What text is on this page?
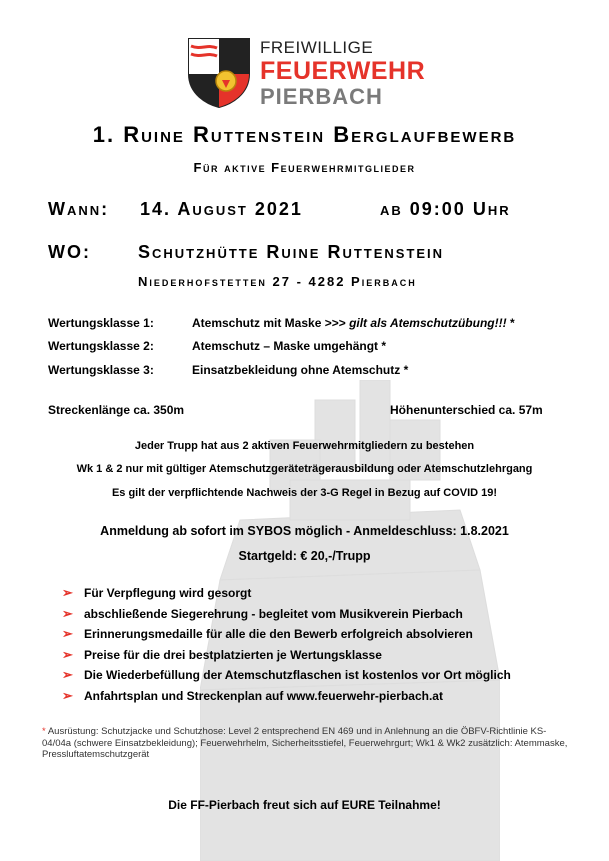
FREIWILLIGE
FEUERWEHR
PIERBACH
1. Ruine Ruttenstein Berglaufbewerb
Für aktive Feuerwehrmitglieder
Wann: 14. August 2021	ab 09:00 Uhr
WO:	Schutzhütte Ruine Ruttenstein
Niederhofstetten 27 - 4282 Pierbach
Wertungsklasse 1:	Atemschutz mit Maske >>> gilt als Atemschutzübung!!! *
Wertungsklasse 2:	Atemschutz – Maske umgehängt *
Wertungsklasse 3:	Einsatzbekleidung ohne Atemschutz *
Streckenlänge ca. 350m	Höhenunterschied ca. 57m
Jeder Trupp hat aus 2 aktiven Feuerwehrmitgliedern zu bestehen
Wk 1 & 2 nur mit gültiger Atemschutzgeräteträgerausbildung oder Atemschutzlehrgang
Es gilt der verpflichtende Nachweis der 3-G Regel in Bezug auf COVID 19!
Anmeldung ab sofort im SYBOS möglich - Anmeldeschluss: 1.8.2021
Startgeld: € 20,-/Trupp
➢ Für Verpflegung wird gesorgt
➢ abschließende Siegerehrung - begleitet vom Musikverein Pierbach
➢ Erinnerungsmedaille für alle die den Bewerb erfolgreich absolvieren
➢ Preise für die drei bestplatzierten je Wertungsklasse
➢ Die Wiederbefüllung der Atemschutzflaschen ist kostenlos vor Ort möglich
➢ Anfahrtsplan und Streckenplan auf www.feuerwehr-pierbach.at
* Ausrüstung: Schutzjacke und Schutzhose: Level 2 entsprechend EN 469 und in Anlehnung an die ÖBFV-Richtlinie KS-04/04a (schwere Einsatzbekleidung); Feuerwehrhelm, Sicherheitsstiefel, Feuerwehrgurt; Wk1 & Wk2 zusätzlich: Atemmaske, Pressluftatemschutzgerät
Die FF-Pierbach freut sich auf EURE Teilnahme!
